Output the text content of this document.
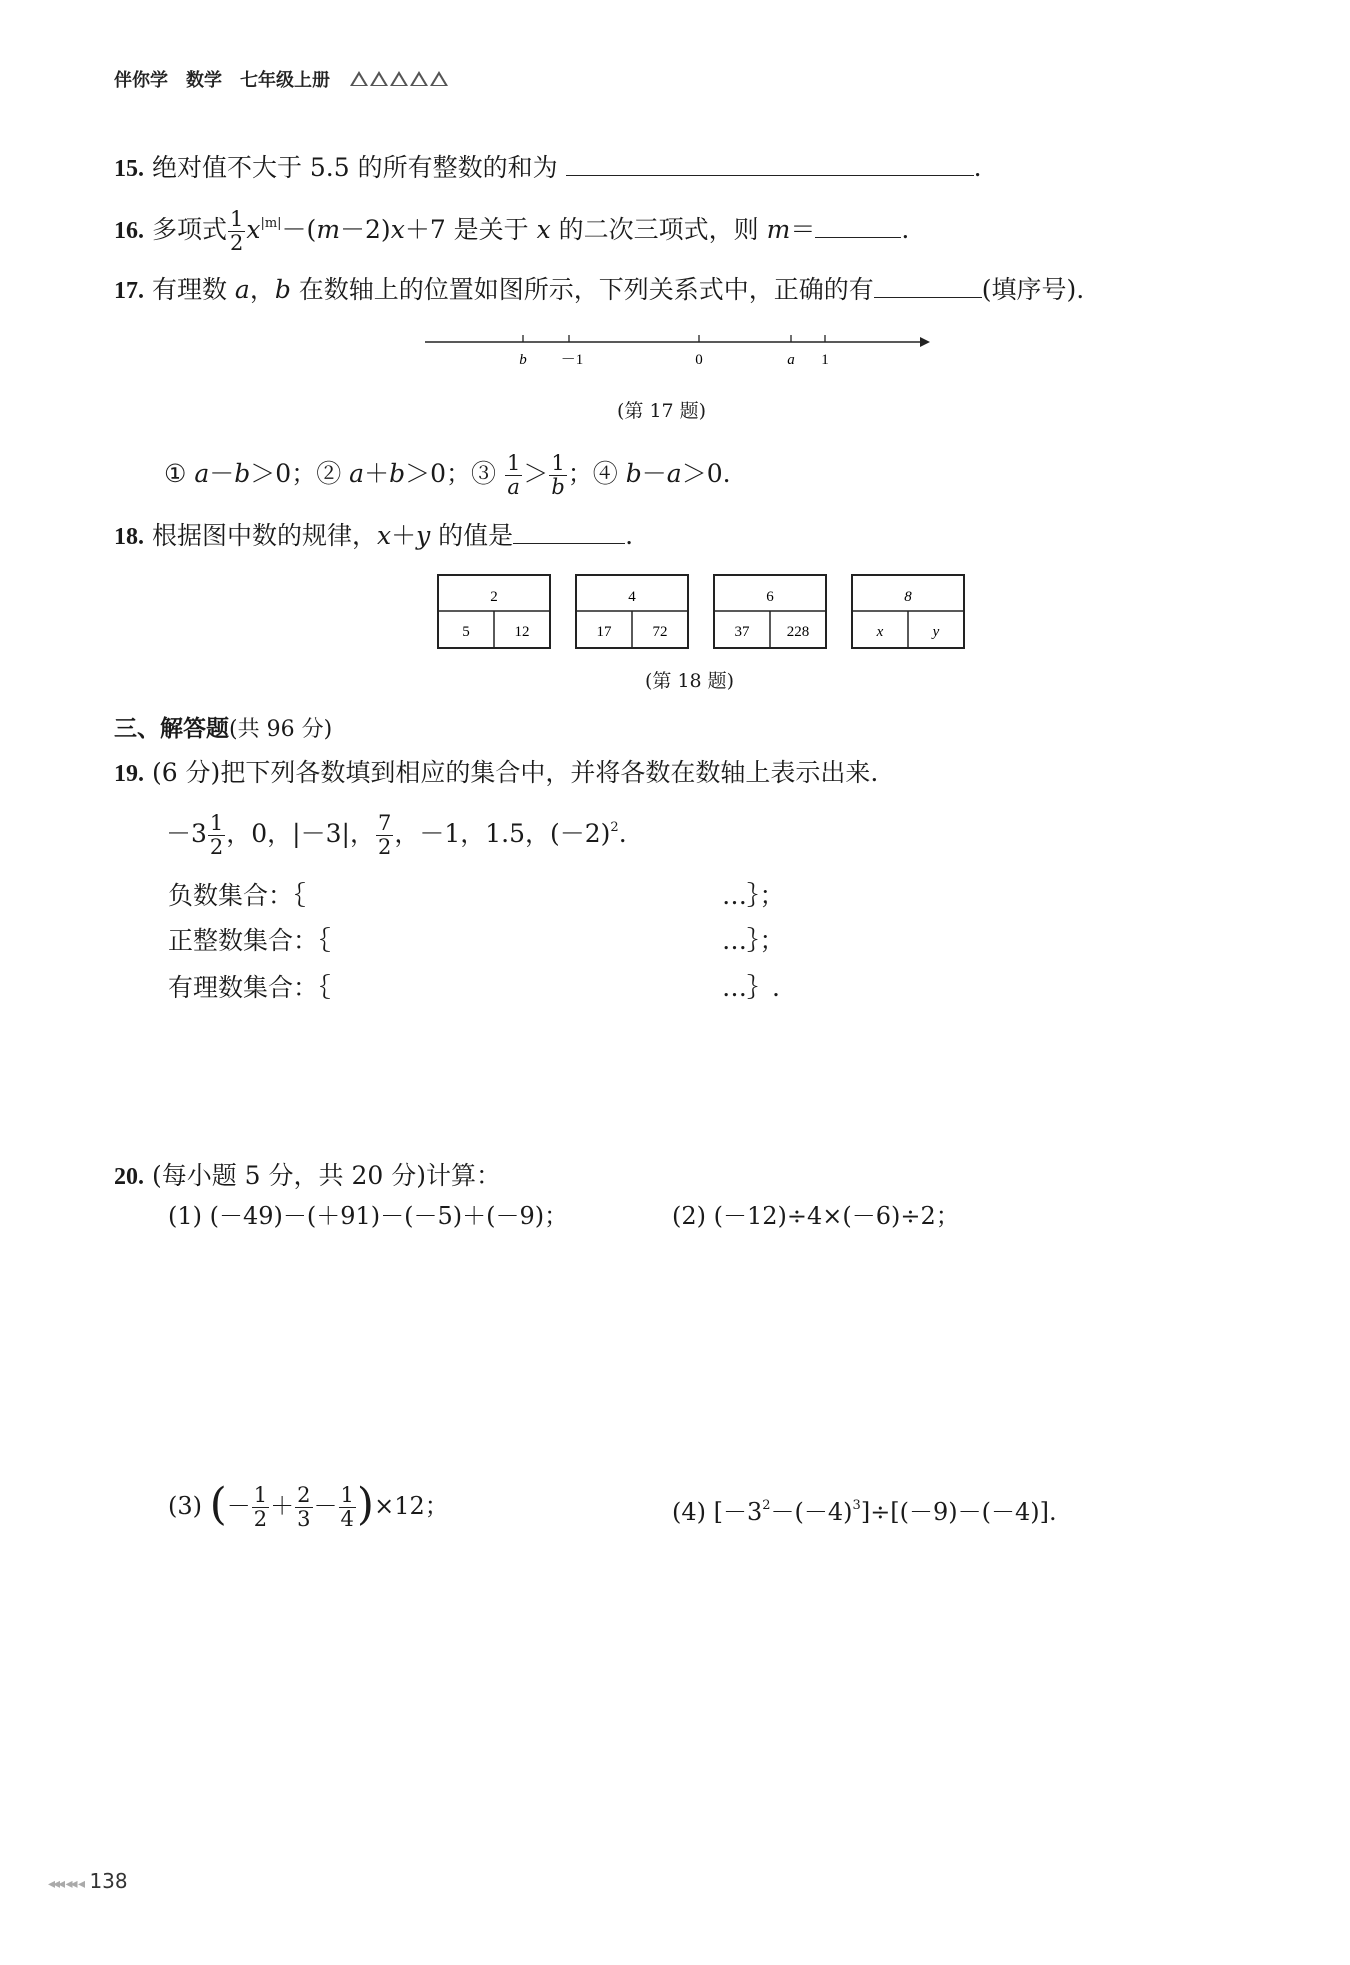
伴你学　数学　七年级上册
15. 绝对值不大于 5.5 的所有整数的和为	.
16. 多项式 $\frac{1}{2} x^{|m|}-(m-2)x+7$ 是关于 x 的二次三项式，则 m＝	.
17. 有理数 a，b 在数轴上的位置如图所示，下列关系式中，正确的有	(填序号).
b －1	0	a 1
(第 17 题)
① a－b＞0；② a＋b＞0；③ $\frac{1}{a} > \frac{1}{b}$ ；④ b－a＞0.
18. 根据图中数的规律，x＋y 的值是	.
2
5	12
4
17	72
6
37 228
8
x	y
(第 18 题)
三、解答题(共 96 分)
19. (6 分)把下列各数填到相应的集合中，并将各数在数轴上表示出来.
$-3 \frac{1}{2}$ ，0，|－3|， $\frac{7}{2}$ ，－1，1.5，$(-2)^2$.
负数集合：｛	…｝；
正整数集合：｛	…｝；
有理数集合：｛	…｝.
20. (每小题 5 分，共 20 分)计算：
(1) (－49)－(＋91)－(－5)＋(－9)；	(2) (－12)÷4×(－6)÷2；
(3) (－ $\frac{1}{2} + \frac{2}{3} - \frac{1}{4} )\times 12$；	(4) $[-3^2-(-4)^3]\div[(-9)-(-4)]$.
◂◂◂ ◂◂ ◂ 138
